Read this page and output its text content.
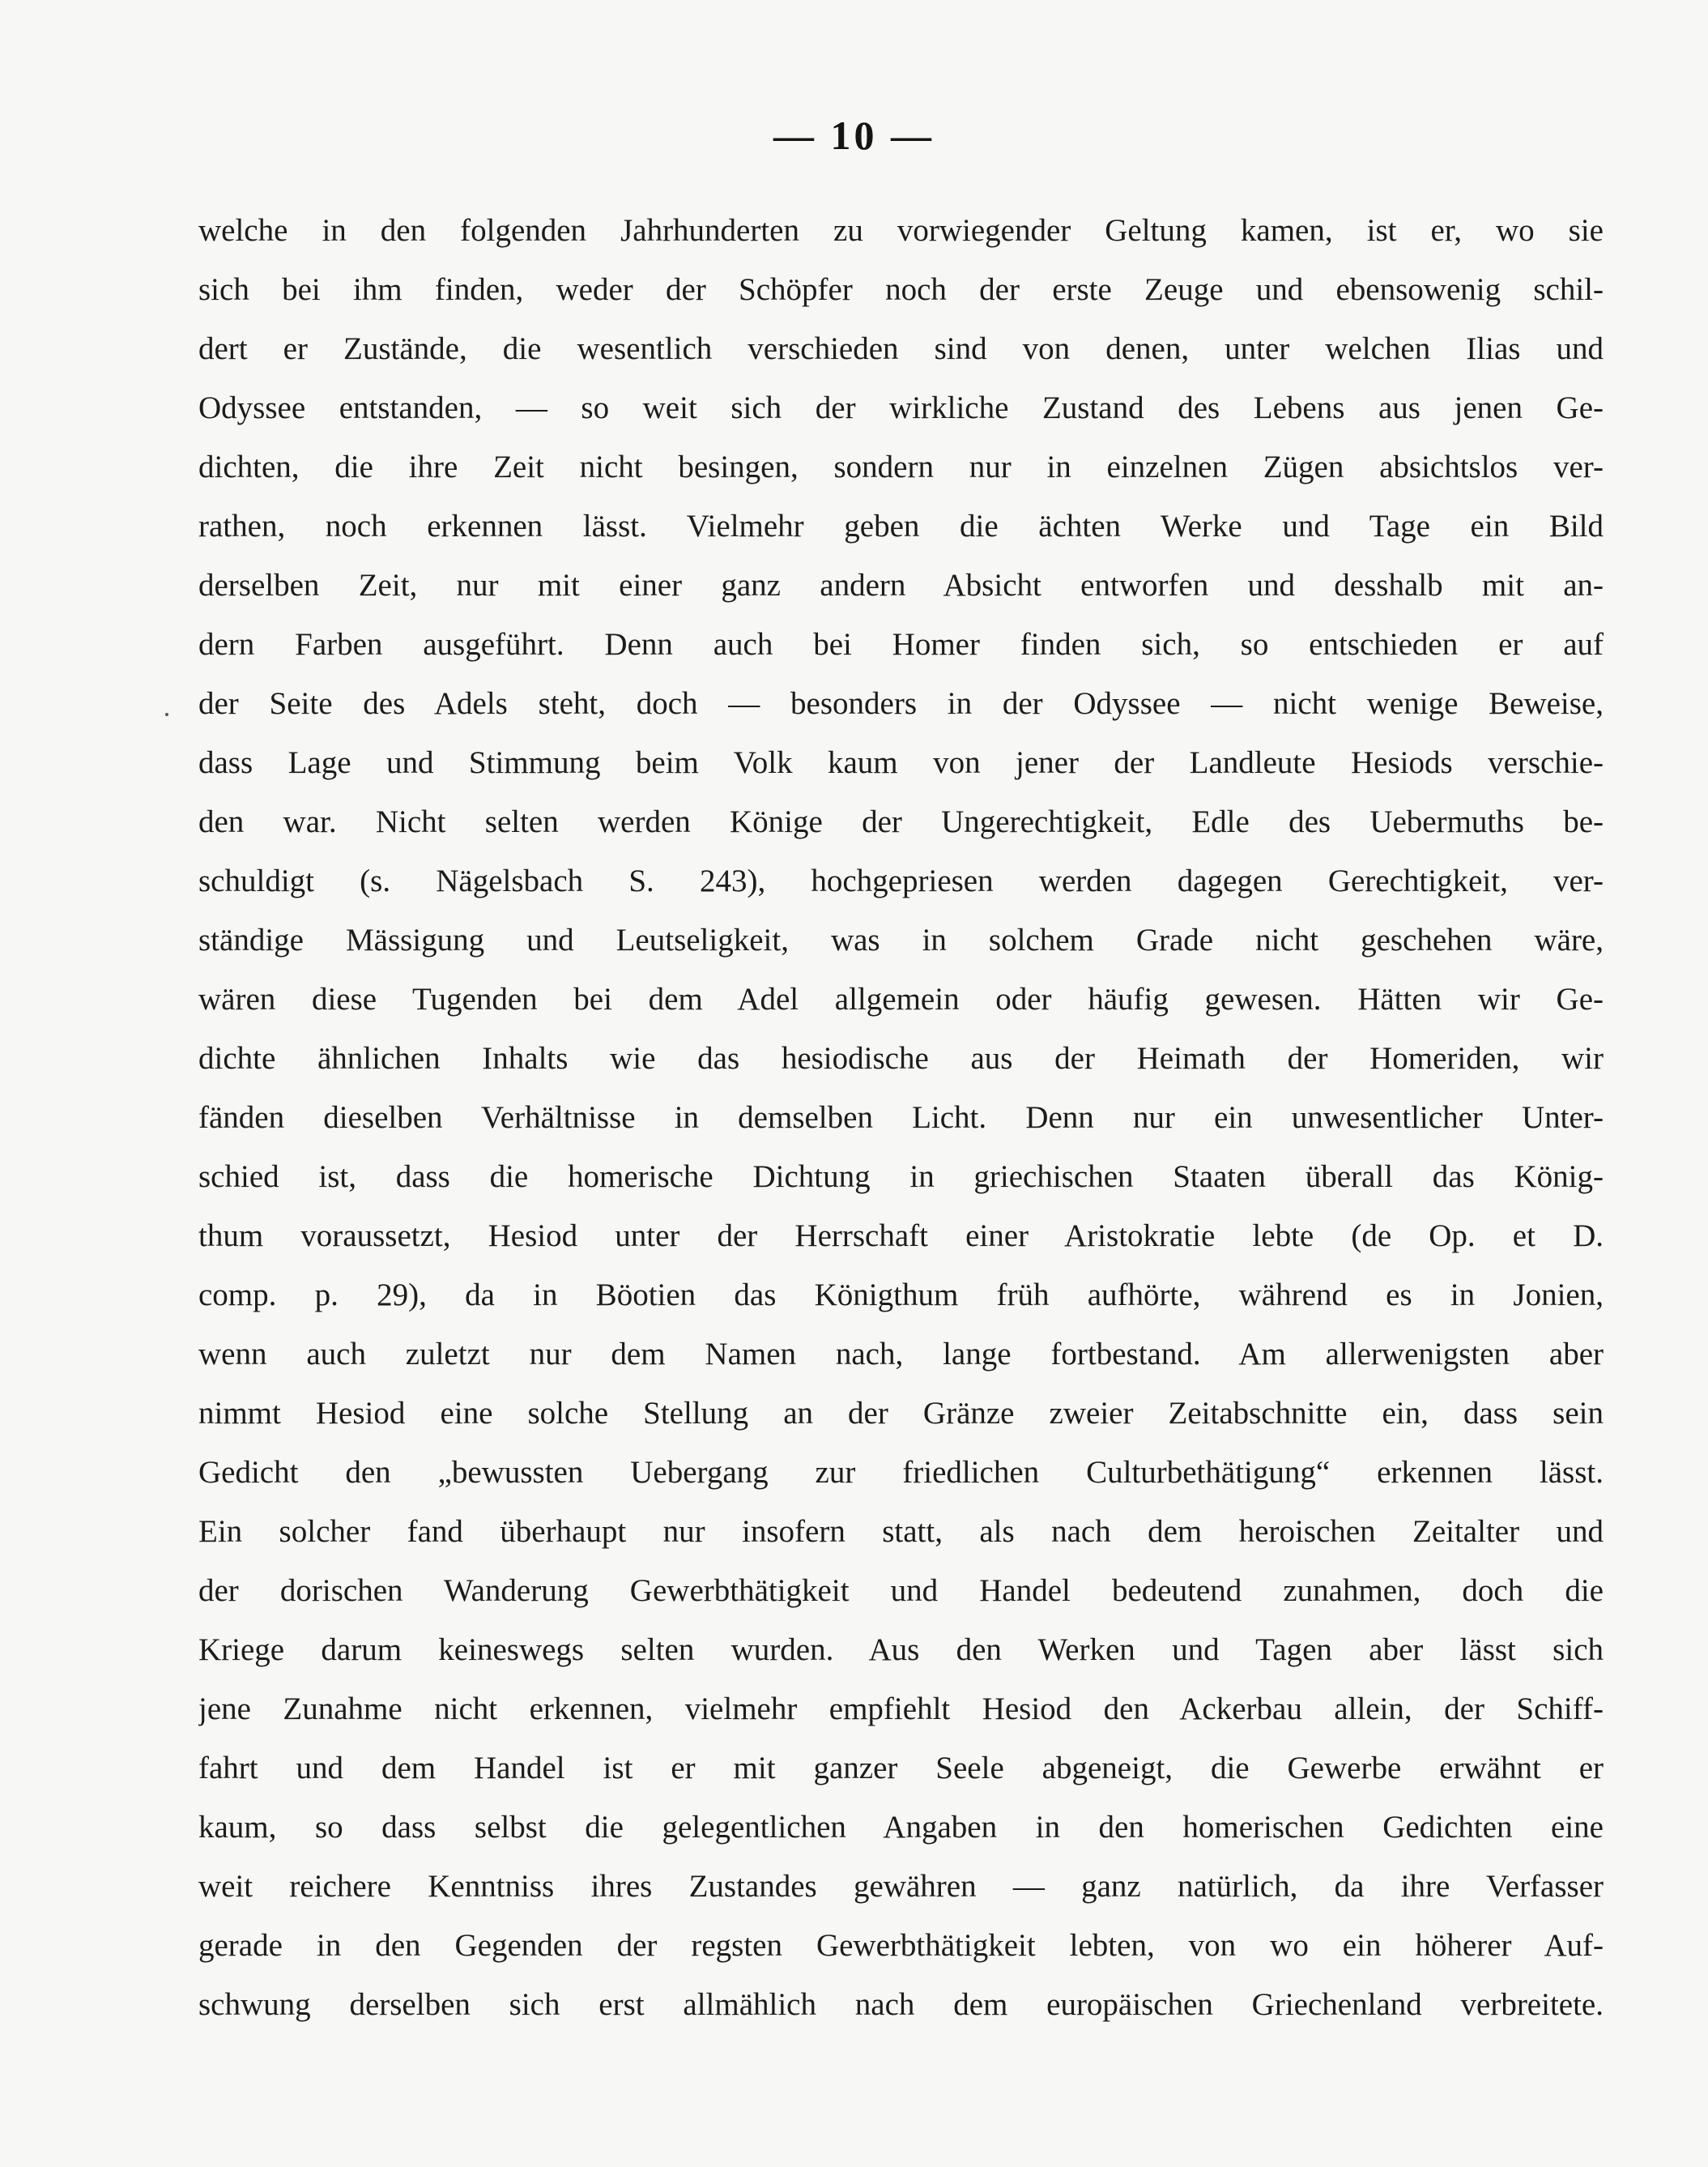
— 10 —
welche in den folgenden Jahrhunderten zu vorwiegender Geltung kamen, ist er, wo sie
sich bei ihm finden, weder der Schöpfer noch der erste Zeuge und ebensowenig schil-
dert er Zustände, die wesentlich verschieden sind von denen, unter welchen Ilias und
Odyssee entstanden, — so weit sich der wirkliche Zustand des Lebens aus jenen Ge-
dichten, die ihre Zeit nicht besingen, sondern nur in einzelnen Zügen absichtslos ver-
rathen, noch erkennen lässt. Vielmehr geben die ächten Werke und Tage ein Bild
derselben Zeit, nur mit einer ganz andern Absicht entworfen und desshalb mit an-
dern Farben ausgeführt. Denn auch bei Homer finden sich, so entschieden er auf
der Seite des Adels steht, doch — besonders in der Odyssee — nicht wenige Beweise,
dass Lage und Stimmung beim Volk kaum von jener der Landleute Hesiods verschie-
den war. Nicht selten werden Könige der Ungerechtigkeit, Edle des Uebermuths be-
schuldigt (s. Nägelsbach S. 243), hochgepriesen werden dagegen Gerechtigkeit, ver-
ständige Mässigung und Leutseligkeit, was in solchem Grade nicht geschehen wäre,
wären diese Tugenden bei dem Adel allgemein oder häufig gewesen. Hätten wir Ge-
dichte ähnlichen Inhalts wie das hesiodische aus der Heimath der Homeriden, wir
fänden dieselben Verhältnisse in demselben Licht. Denn nur ein unwesentlicher Unter-
schied ist, dass die homerische Dichtung in griechischen Staaten überall das König-
thum voraussetzt, Hesiod unter der Herrschaft einer Aristokratie lebte (de Op. et D.
comp. p. 29), da in Böotien das Königthum früh aufhörte, während es in Jonien,
wenn auch zuletzt nur dem Namen nach, lange fortbestand. Am allerwenigsten aber
nimmt Hesiod eine solche Stellung an der Gränze zweier Zeitabschnitte ein, dass sein
Gedicht den „bewussten Uebergang zur friedlichen Culturbethätigung“ erkennen lässt.
Ein solcher fand überhaupt nur insofern statt, als nach dem heroischen Zeitalter und
der dorischen Wanderung Gewerbthätigkeit und Handel bedeutend zunahmen, doch die
Kriege darum keineswegs selten wurden. Aus den Werken und Tagen aber lässt sich
jene Zunahme nicht erkennen, vielmehr empfiehlt Hesiod den Ackerbau allein, der Schiff-
fahrt und dem Handel ist er mit ganzer Seele abgeneigt, die Gewerbe erwähnt er
kaum, so dass selbst die gelegentlichen Angaben in den homerischen Gedichten eine
weit reichere Kenntniss ihres Zustandes gewähren — ganz natürlich, da ihre Verfasser
gerade in den Gegenden der regsten Gewerbthätigkeit lebten, von wo ein höherer Auf-
schwung derselben sich erst allmählich nach dem europäischen Griechenland verbreitete.
